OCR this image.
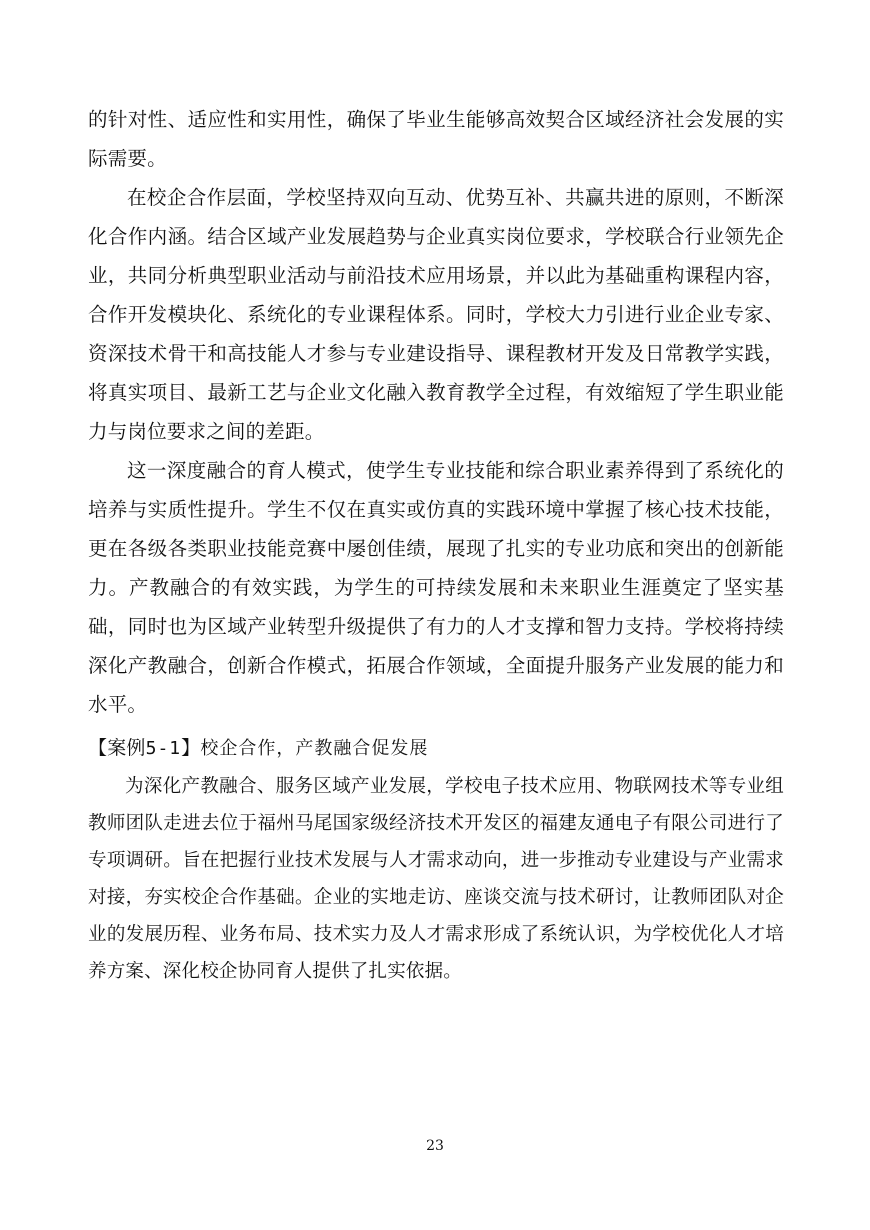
的针对性、适应性和实用性，确保了毕业生能够高效契合区域经济社会发展的实际需要。

在校企合作层面，学校坚持双向互动、优势互补、共赢共进的原则，不断深化合作内涵。结合区域产业发展趋势与企业真实岗位要求，学校联合行业领先企业，共同分析典型职业活动与前沿技术应用场景，并以此为基础重构课程内容，合作开发模块化、系统化的专业课程体系。同时，学校大力引进行业企业专家、资深技术骨干和高技能人才参与专业建设指导、课程教材开发及日常教学实践，将真实项目、最新工艺与企业文化融入教育教学全过程，有效缩短了学生职业能力与岗位要求之间的差距。

这一深度融合的育人模式，使学生专业技能和综合职业素养得到了系统化的培养与实质性提升。学生不仅在真实或仿真的实践环境中掌握了核心技术技能，更在各级各类职业技能竞赛中屡创佳绩，展现了扎实的专业功底和突出的创新能力。产教融合的有效实践，为学生的可持续发展和未来职业生涯奠定了坚实基础，同时也为区域产业转型升级提供了有力的人才支撑和智力支持。学校将持续深化产教融合，创新合作模式，拓展合作领域，全面提升服务产业发展的能力和水平。

【案例5-1】校企合作，产教融合促发展

为深化产教融合、服务区域产业发展，学校电子技术应用、物联网技术等专业组教师团队走进去位于福州马尾国家级经济技术开发区的福建友通电子有限公司进行了专项调研。旨在把握行业技术发展与人才需求动向，进一步推动专业建设与产业需求对接，夯实校企合作基础。企业的实地走访、座谈交流与技术研讨，让教师团队对企业的发展历程、业务布局、技术实力及人才需求形成了系统认识，为学校优化人才培养方案、深化校企协同育人提供了扎实依据。

23
